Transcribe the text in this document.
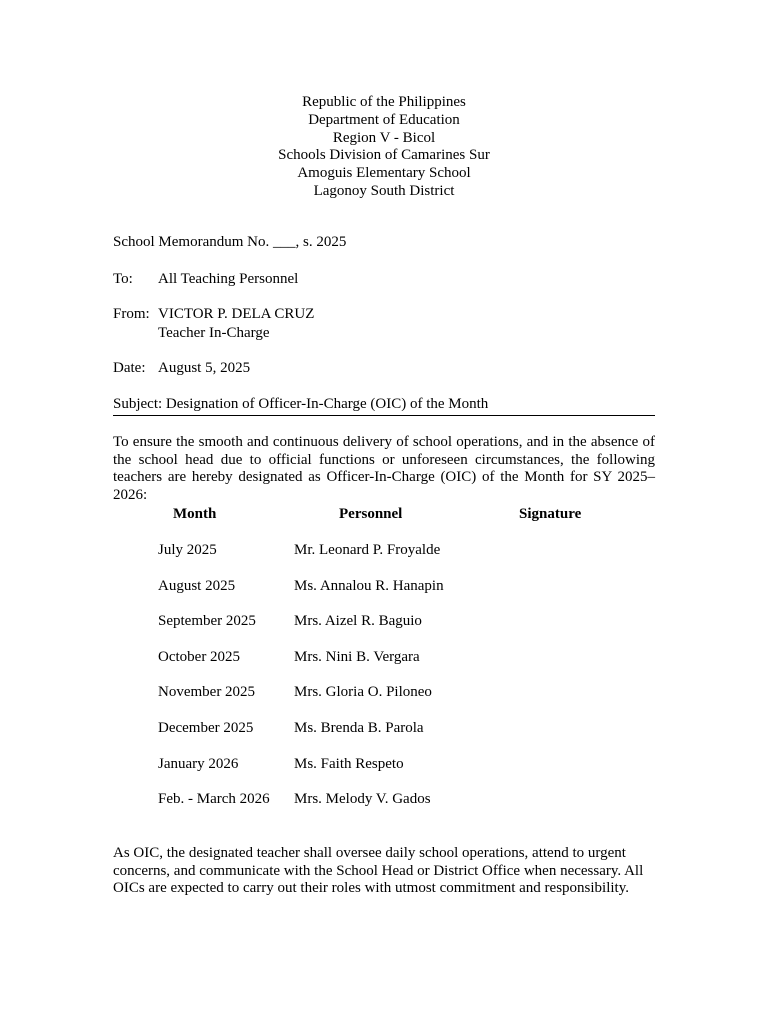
Republic of the Philippines
Department of Education
Region V - Bicol
Schools Division of Camarines Sur
Amoguis Elementary School
Lagonoy South District
School Memorandum No. ___, s. 2025
To: All Teaching Personnel
From: VICTOR P. DELA CRUZ
Teacher In-Charge
Date: August 5, 2025
Subject: Designation of Officer-In-Charge (OIC) of the Month

To ensure the smooth and continuous delivery of school operations, and in the absence of the school head due to official functions or unforeseen circumstances, the following teachers are hereby designated as Officer-In-Charge (OIC) of the Month for SY 2025–2026:

Month	Personnel	Signature
July 2025	Mr. Leonard P. Froyalde
August 2025	Ms. Annalou R. Hanapin
September 2025	Mrs. Aizel R. Baguio
October 2025	Mrs. Nini B. Vergara
November 2025	Mrs. Gloria O. Piloneo
December 2025	Ms. Brenda B. Parola
January 2026	Ms. Faith Respeto
Feb. - March 2026 Mrs. Melody V. Gados

As OIC, the designated teacher shall oversee daily school operations, attend to urgent concerns, and communicate with the School Head or District Office when necessary. All OICs are expected to carry out their roles with utmost commitment and responsibility.
